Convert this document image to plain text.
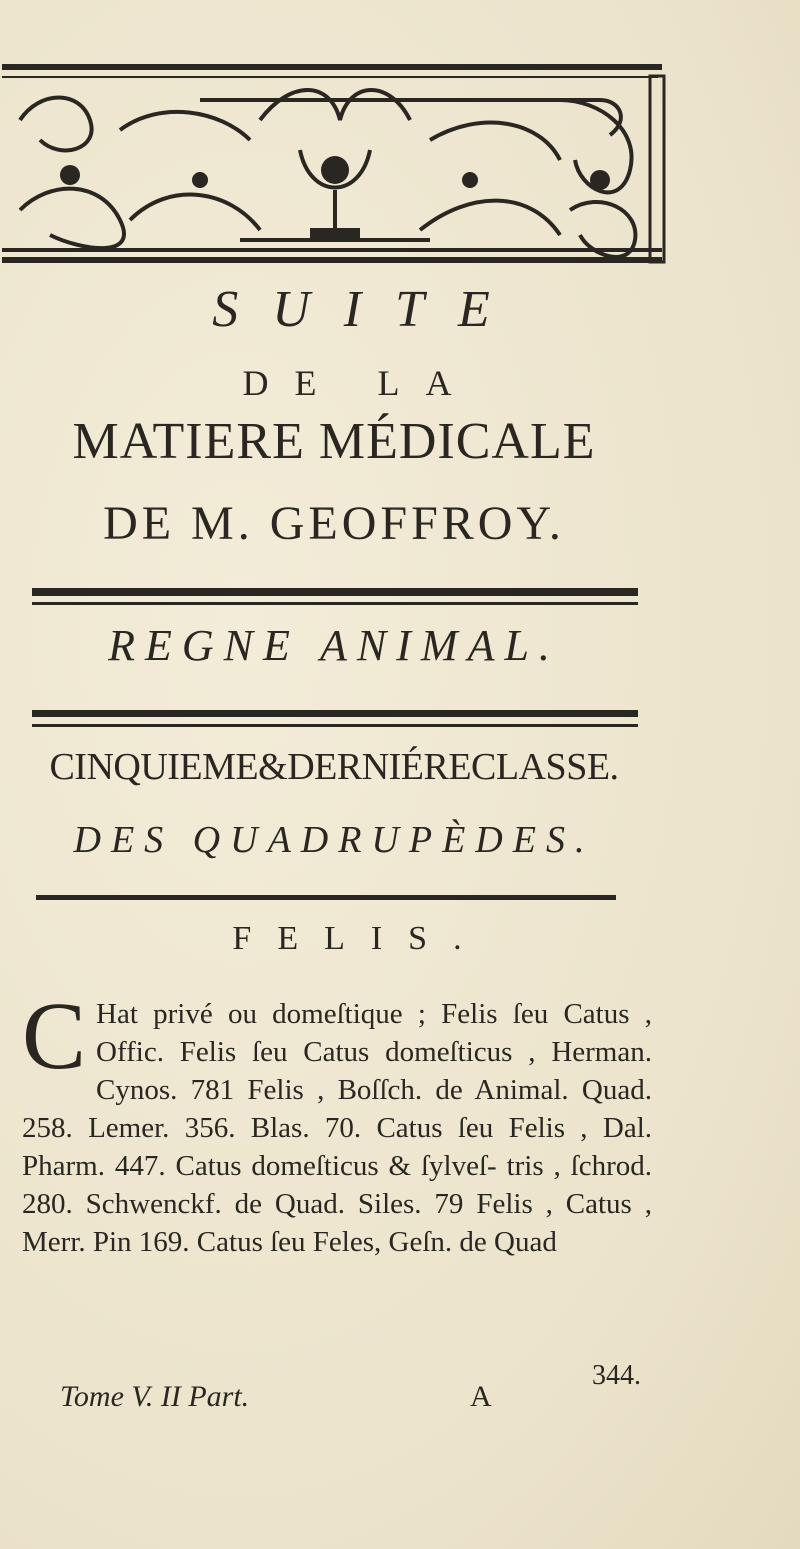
SUITE
DE LA
MATIERE MÉDICALE
DE M. GEOFFROY.
REGNE ANIMAL.
CINQUIEME&DERNIÉRECLASSE.
DES QUADRUPÈDES.
FELIS.
C Hat privé ou domeſtique ; Felis ſeu Catus , Offic. Felis ſeu Catus domeſticus , Herman. Cynos. 781 Felis , Boſſch. de Animal. Quad. 258. Lemer. 356. Blas. 70. Catus ſeu Felis , Dal. Pharm. 447. Catus domeſticus & ſylveſ- tris , ſchrod. 280. Schwenckf. de Quad. Siles. 79 Felis , Catus , Merr. Pin 169. Catus ſeu Feles, Geſn. de Quad
344.
Tome V. II Part.	A
